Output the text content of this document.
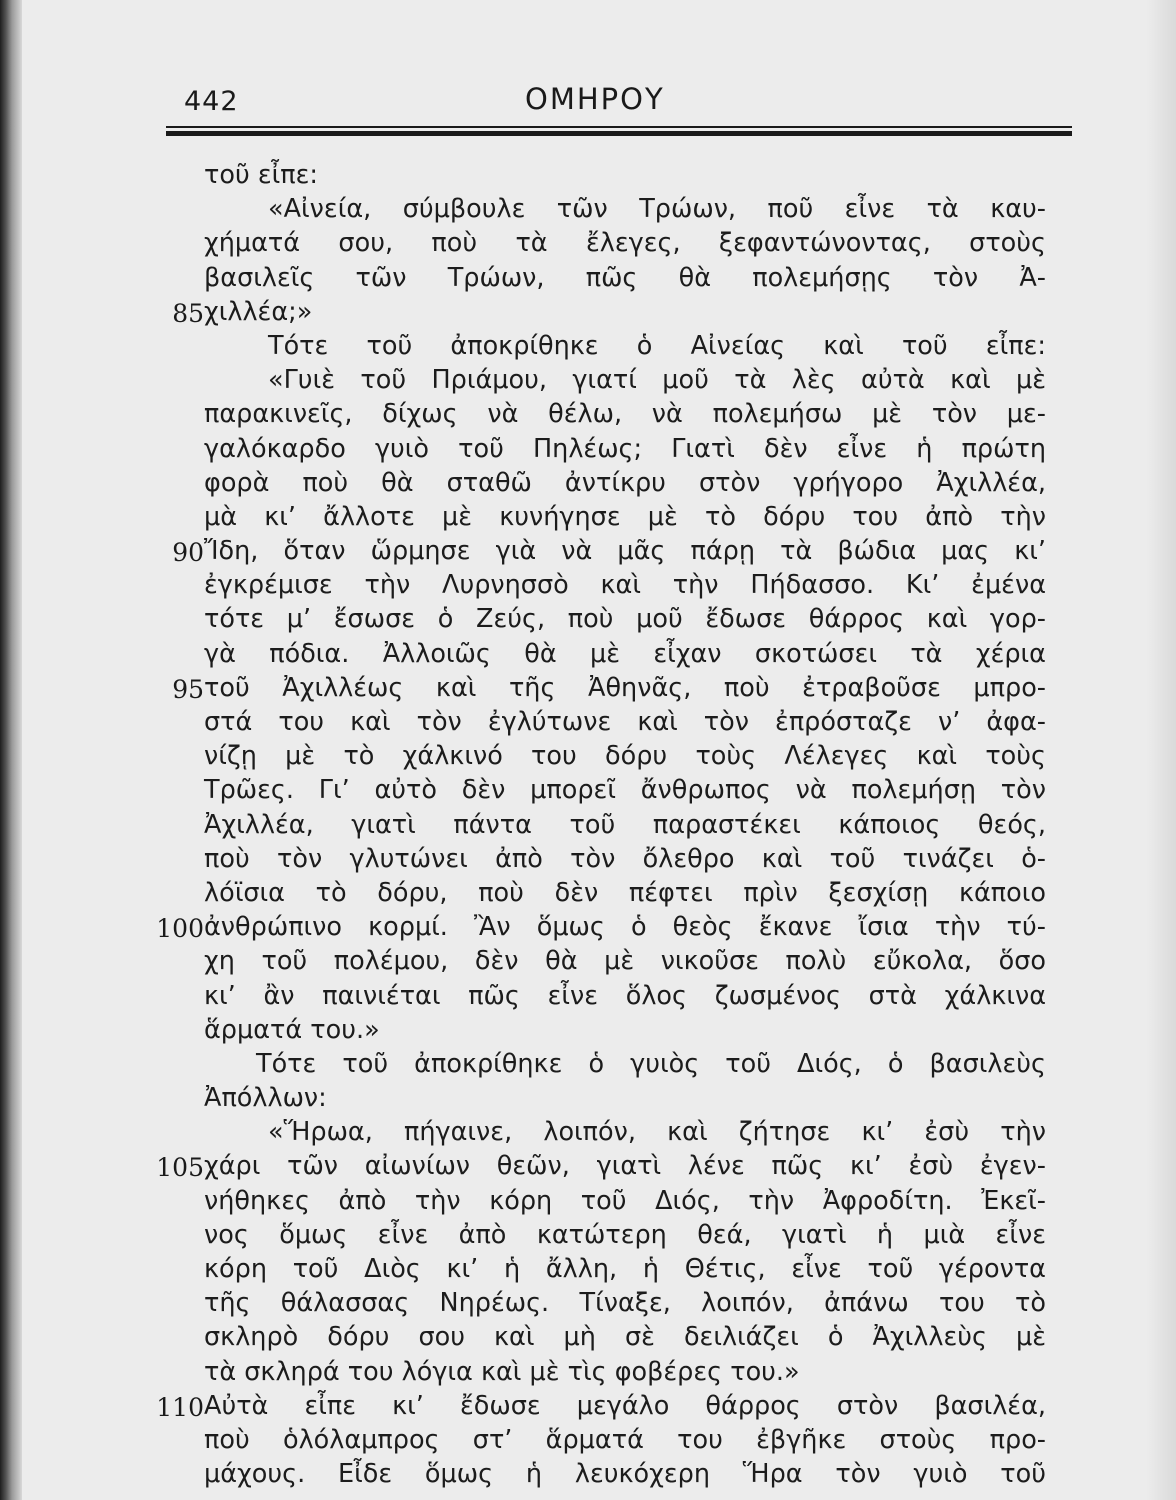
442	ΟΜΗΡΟΥ
τοῦ εἶπε:
«Αἰνεία, σύμβουλε τῶν Τρώων, ποῦ εἶνε τὰ καυ-
χήματά σου, ποὺ τὰ ἔλεγες, ξεφαντώνοντας, στοὺς
βασιλεῖς τῶν Τρώων, πῶς θὰ πολεμήσῃς τὸν Ἀ-
85 χιλλέα;»
Τότε τοῦ ἀποκρίθηκε ὁ Αἰνείας καὶ τοῦ εἶπε:
«Γυιὲ τοῦ Πριάμου, γιατί μοῦ τὰ λὲς αὐτὰ καὶ μὲ
παρακινεῖς, δίχως νὰ θέλω, νὰ πολεμήσω μὲ τὸν με-
γαλόκαρδο γυιὸ τοῦ Πηλέως; Γιατὶ δὲν εἶνε ἡ πρώτη
φορὰ ποὺ θὰ σταθῶ ἀντίκρυ στὸν γρήγορο Ἀχιλλέα,
μὰ κι’ ἄλλοτε μὲ κυνήγησε μὲ τὸ δόρυ του ἀπὸ τὴν
90 Ἴδη, ὅταν ὥρμησε γιὰ νὰ μᾶς πάρῃ τὰ βώδια μας κι’
ἐγκρέμισε τὴν Λυρνησσὸ καὶ τὴν Πήδασσο. Κι’ ἐμένα
τότε μ’ ἔσωσε ὁ Ζεύς, ποὺ μοῦ ἔδωσε θάρρος καὶ γορ-
γὰ πόδια. Ἀλλοιῶς θὰ μὲ εἶχαν σκοτώσει τὰ χέρια
95 τοῦ Ἀχιλλέως καὶ τῆς Ἀθηνᾶς, ποὺ ἐτραβοῦσε μπρο-
στά του καὶ τὸν ἐγλύτωνε καὶ τὸν ἐπρόσταζε ν’ ἀφα-
νίζῃ μὲ τὸ χάλκινό του δόρυ τοὺς Λέλεγες καὶ τοὺς
Τρῶες. Γι’ αὐτὸ δὲν μπορεῖ ἄνθρωπος νὰ πολεμήσῃ τὸν
Ἀχιλλέα, γιατὶ πάντα τοῦ παραστέκει κάποιος θεός,
ποὺ τὸν γλυτώνει ἀπὸ τὸν ὄλεθρο καὶ τοῦ τινάζει ὁ-
λόϊσια τὸ δόρυ, ποὺ δὲν πέφτει πρὶν ξεσχίσῃ κάποιο
100 ἀνθρώπινο κορμί. Ἂν ὅμως ὁ θεὸς ἔκανε ἴσια τὴν τύ-
χη τοῦ πολέμου, δὲν θὰ μὲ νικοῦσε πολὺ εὔκολα, ὅσο
κι’ ἂν παινιέται πῶς εἶνε ὅλος ζωσμένος στὰ χάλκινα
ἅρματά του.»
Τότε τοῦ ἀποκρίθηκε ὁ γυιὸς τοῦ Διός, ὁ βασιλεὺς
Ἀπόλλων:
«Ἥρωα, πήγαινε, λοιπόν, καὶ ζήτησε κι’ ἐσὺ τὴν
105 χάρι τῶν αἰωνίων θεῶν, γιατὶ λένε πῶς κι’ ἐσὺ ἐγεν-
νήθηκες ἀπὸ τὴν κόρη τοῦ Διός, τὴν Ἀφροδίτη. Ἐκεῖ-
νος ὅμως εἶνε ἀπὸ κατώτερη θεά, γιατὶ ἡ μιὰ εἶνε
κόρη τοῦ Διὸς κι’ ἡ ἄλλη, ἡ Θέτις, εἶνε τοῦ γέροντα
τῆς θάλασσας Νηρέως. Τίναξε, λοιπόν, ἀπάνω του τὸ
σκληρὸ δόρυ σου καὶ μὴ σὲ δειλιάζει ὁ Ἀχιλλεὺς μὲ
τὰ σκληρά του λόγια καὶ μὲ τὶς φοβέρες του.»
110 Αὐτὰ εἶπε κι’ ἔδωσε μεγάλο θάρρος στὸν βασιλέα,
ποὺ ὁλόλαμπρος στ’ ἅρματά του ἐβγῆκε στοὺς προ-
μάχους. Εἶδε ὅμως ἡ λευκόχερη Ἥρα τὸν γυιὸ τοῦ
